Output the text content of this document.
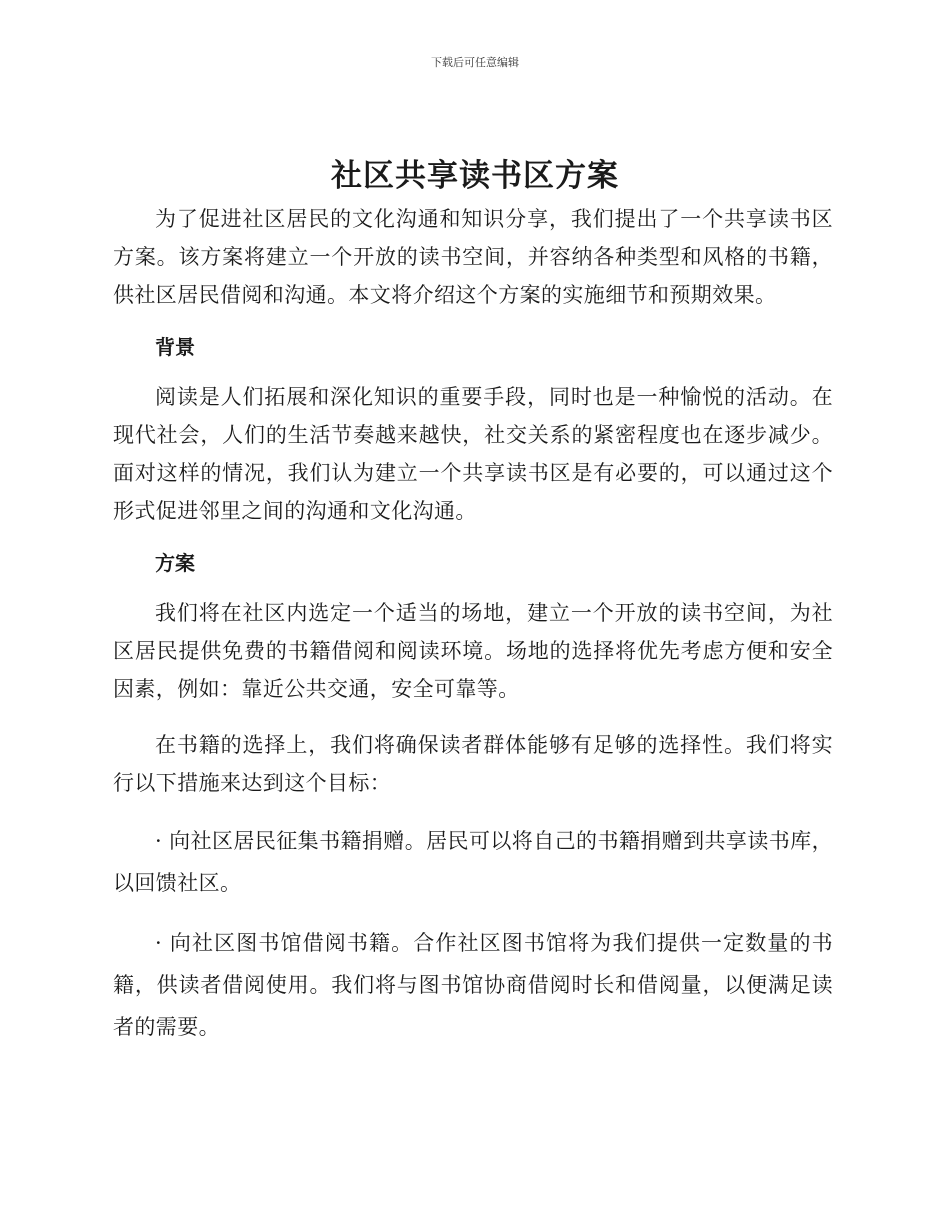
下载后可任意编辑
社区共享读书区方案

为了促进社区居民的文化沟通和知识分享，我们提出了一个共享读书区方案。该方案将建立一个开放的读书空间，并容纳各种类型和风格的书籍，供社区居民借阅和沟通。本文将介绍这个方案的实施细节和预期效果。

背景

阅读是人们拓展和深化知识的重要手段，同时也是一种愉悦的活动。在现代社会，人们的生活节奏越来越快，社交关系的紧密程度也在逐步减少。面对这样的情况，我们认为建立一个共享读书区是有必要的，可以通过这个形式促进邻里之间的沟通和文化沟通。

方案

我们将在社区内选定一个适当的场地，建立一个开放的读书空间，为社区居民提供免费的书籍借阅和阅读环境。场地的选择将优先考虑方便和安全因素，例如：靠近公共交通，安全可靠等。

在书籍的选择上，我们将确保读者群体能够有足够的选择性。我们将实行以下措施来达到这个目标：

· 向社区居民征集书籍捐赠。居民可以将自己的书籍捐赠到共享读书库，以回馈社区。

· 向社区图书馆借阅书籍。合作社区图书馆将为我们提供一定数量的书籍，供读者借阅使用。我们将与图书馆协商借阅时长和借阅量，以便满足读者的需要。
